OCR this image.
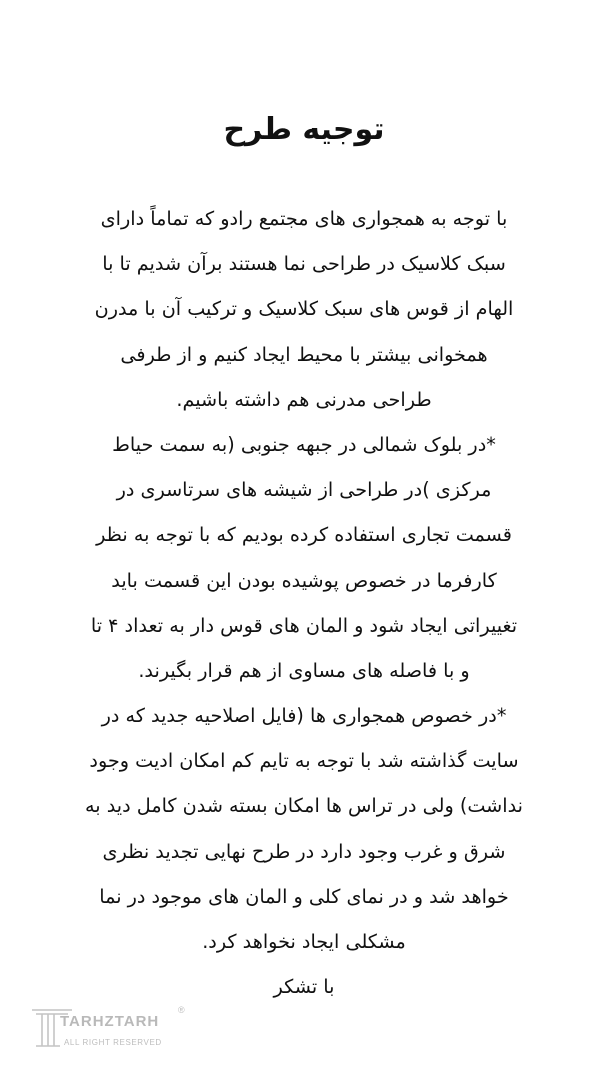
توجیه طرح
با توجه به همجواری های مجتمع رادو که تماماً دارای
سبک کلاسیک در طراحی نما هستند برآن شدیم تا با
الهام از قوس های سبک کلاسیک و ترکیب آن با مدرن
همخوانی بیشتر با محیط ایجاد کنیم و از طرفی
طراحی مدرنی هم داشته باشیم.
*در بلوک شمالی در جبهه جنوبی (به سمت حیاط
مرکزی )در طراحی از شیشه های سرتاسری در
قسمت تجاری استفاده کرده بودیم که با توجه به نظر
کارفرما در خصوص پوشیده بودن این قسمت باید
تغییراتی ایجاد شود و المان های قوس دار به تعداد ۴ تا
و با فاصله های مساوی از هم قرار بگیرند.
*در خصوص همجواری ها (فایل اصلاحیه جدید که در
سایت گذاشته شد با توجه به تایم کم امکان ادیت وجود
نداشت) ولی در تراس ها امکان بسته شدن کامل دید به
شرق و غرب وجود دارد در طرح نهایی تجدید نظری
خواهد شد و در نمای کلی و المان های موجود در نما
مشکلی ایجاد نخواهد کرد.
با تشکر
TARHZTARH
®
ALL RIGHT RESERVED
